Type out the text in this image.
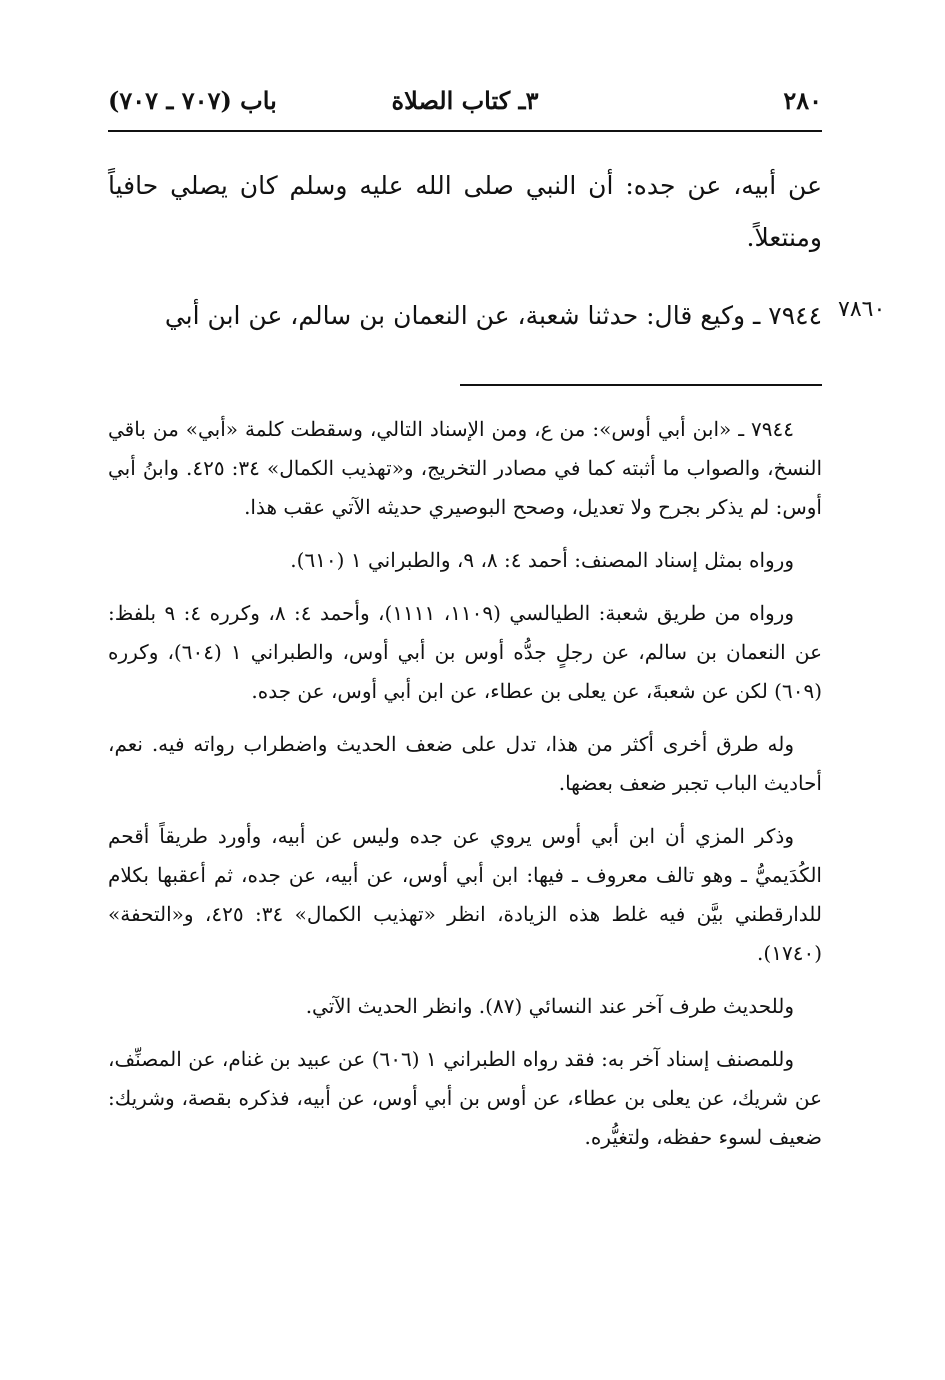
٢٨٠
٣ـ كتاب الصلاة
باب (٧٠٧ ـ ٧٠٧)
عن أبيه، عن جده: أن النبي صلى الله عليه وسلم كان يصلي حافياً ومنتعلاً.
٧٨٦٠
٧٩٤٤ ـ وكيع قال: حدثنا شعبة، عن النعمان بن سالم، عن ابن أبي

٧٩٤٤ ـ «ابن أبي أوس»: من ع، ومن الإسناد التالي، وسقطت كلمة «أبي» من باقي النسخ، والصواب ما أثبته كما في مصادر التخريج، و«تهذيب الكمال» ٣٤: ٤٢٥. وابنُ أبي أوس: لم يذكر بجرح ولا تعديل، وصحح البوصيري حديثه الآتي عقب هذا.

ورواه بمثل إسناد المصنف: أحمد ٤: ٨، ٩، والطبراني ١ (٦١٠).

ورواه من طريق شعبة: الطيالسي (١١٠٩، ١١١١)، وأحمد ٤: ٨، وكرره ٤: ٩ بلفظ: عن النعمان بن سالم، عن رجلٍ جدُّه أوس بن أبي أوس، والطبراني ١ (٦٠٤)، وكرره (٦٠٩) لكن عن شعبةَ، عن يعلى بن عطاء، عن ابن أبي أوس، عن جده.

وله طرق أخرى أكثر من هذا، تدل على ضعف الحديث واضطراب رواته فيه. نعم، أحاديث الباب تجبر ضعف بعضها.

وذكر المزي أن ابن أبي أوس يروي عن جده وليس عن أبيه، وأورد طريقاً أقحم الكُدَيميُّ ـ وهو تالف معروف ـ فيها: ابن أبي أوس، عن أبيه، عن جده، ثم أعقبها بكلام للدارقطني بيَّن فيه غلط هذه الزيادة، انظر «تهذيب الكمال» ٣٤: ٤٢٥، و«التحفة» (١٧٤٠).

وللحديث طرف آخر عند النسائي (٨٧). وانظر الحديث الآتي.

وللمصنف إسناد آخر به: فقد رواه الطبراني ١ (٦٠٦) عن عبيد بن غنام، عن المصنِّف، عن شريك، عن يعلى بن عطاء، عن أوس بن أبي أوس، عن أبيه، فذكره بقصة، وشريك: ضعيف لسوء حفظه، ولتغيُّره.
